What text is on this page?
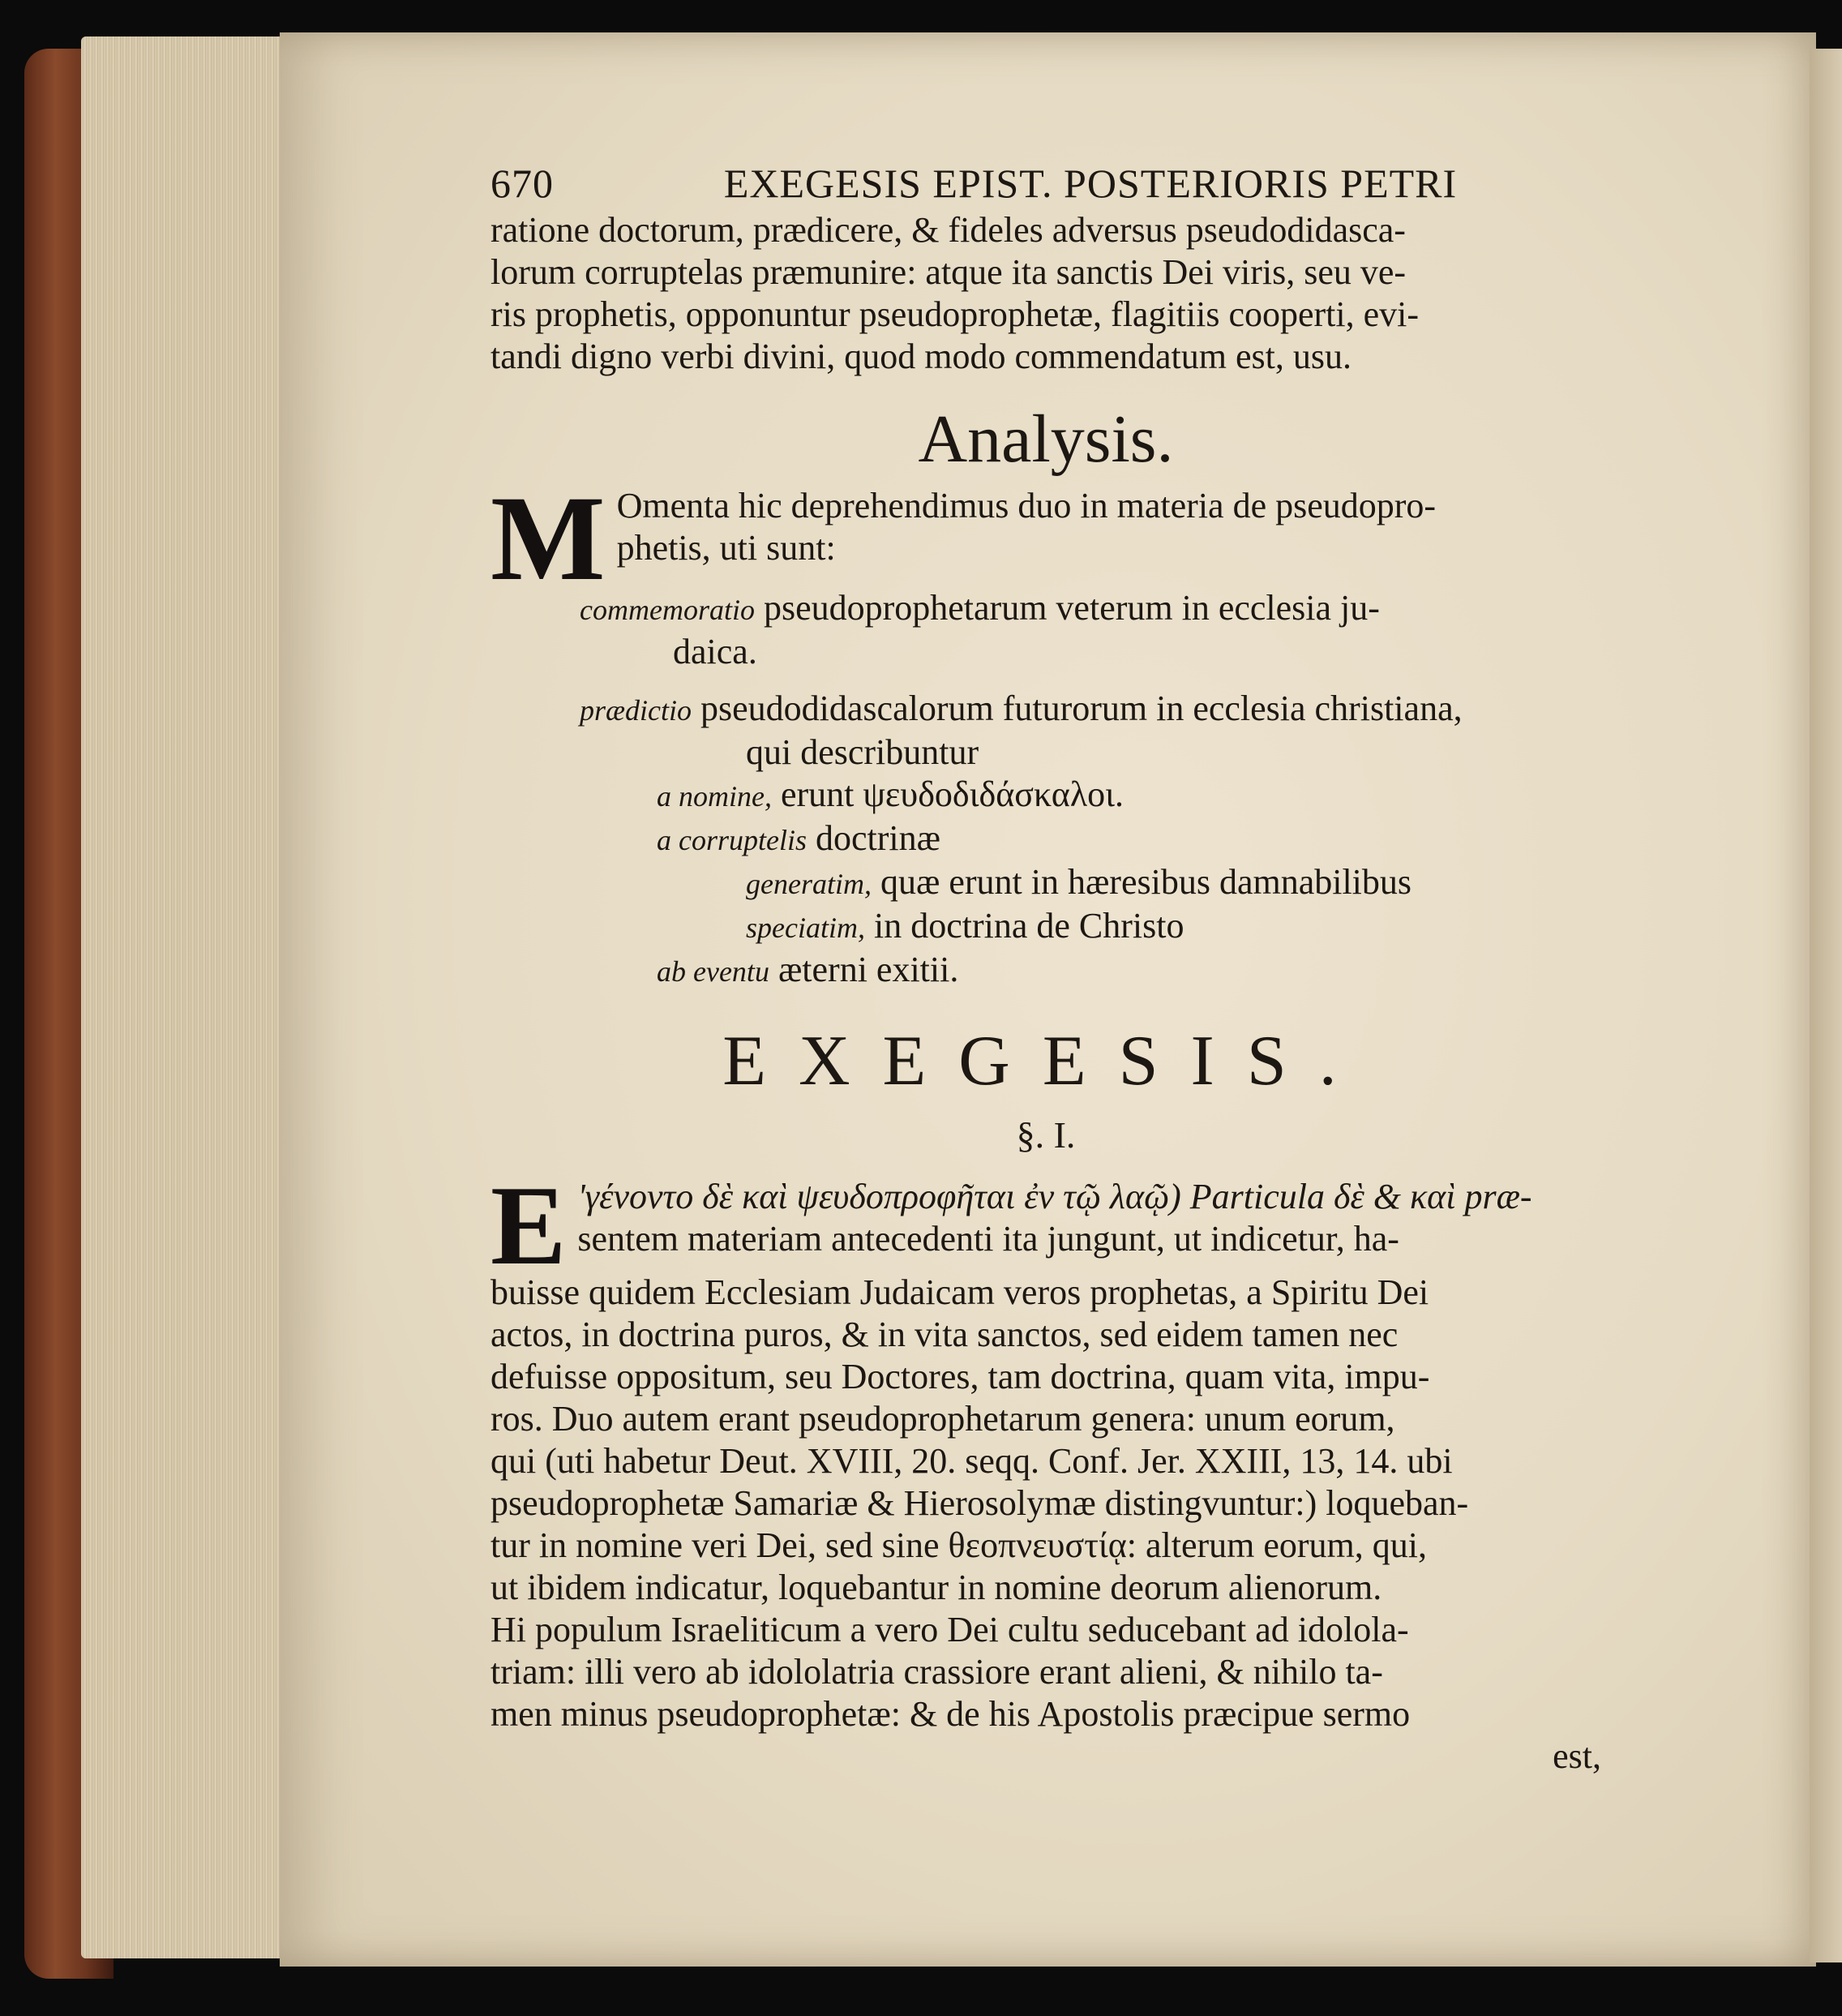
670	EXEGESIS EPIST. POSTERIORIS PETRI

ratione doctorum, prædicere, & fideles adversus pseudodidasca-
lorum corruptelas præmunire: atque ita sanctis Dei viris, seu ve-
ris prophetis, opponuntur pseudoprophetæ, flagitiis cooperti, evi-
tandi digno verbi divini, quod modo commendatum est, usu.

Analysis.
M Omenta hic deprehendimus duo in materia de pseudopro-
phetis, uti sunt:
commemoratio pseudoprophetarum veterum in ecclesia ju-
daica.
prædictio pseudodidascalorum futurorum in ecclesia christiana,
qui describuntur
a nomine, erunt ψευδοδιδάσκαλοι.
a corruptelis doctrinæ
generatim, quæ erunt in hæresibus damnabilibus
speciatim, in doctrina de Christo
ab eventu æterni exitii.
EXEGESIS.
§. I.
E 'γένοντο δὲ καὶ ψευδοπροφῆται ἐν τῷ λαῷ) Particula δὲ & καὶ præ-
sentem materiam antecedenti ita jungunt, ut indicetur, ha-
buisse quidem Ecclesiam Judaicam veros prophetas, a Spiritu Dei
actos, in doctrina puros, & in vita sanctos, sed eidem tamen nec
defuisse oppositum, seu Doctores, tam doctrina, quam vita, impu-
ros. Duo autem erant pseudoprophetarum genera: unum eorum,
qui (uti habetur Deut. XVIII, 20. seqq. Conf. Jer. XXIII, 13, 14. ubi
pseudoprophetæ Samariæ & Hierosolymæ distingvuntur:) loqueban-
tur in nomine veri Dei, sed sine θεοπνευστίᾳ: alterum eorum, qui,
ut ibidem indicatur, loquebantur in nomine deorum alienorum.
Hi populum Israeliticum a vero Dei cultu seducebant ad idolola-
triam: illi vero ab idololatria crassiore erant alieni, & nihilo ta-
men minus pseudoprophetæ: & de his Apostolis præcipue sermo
est,
